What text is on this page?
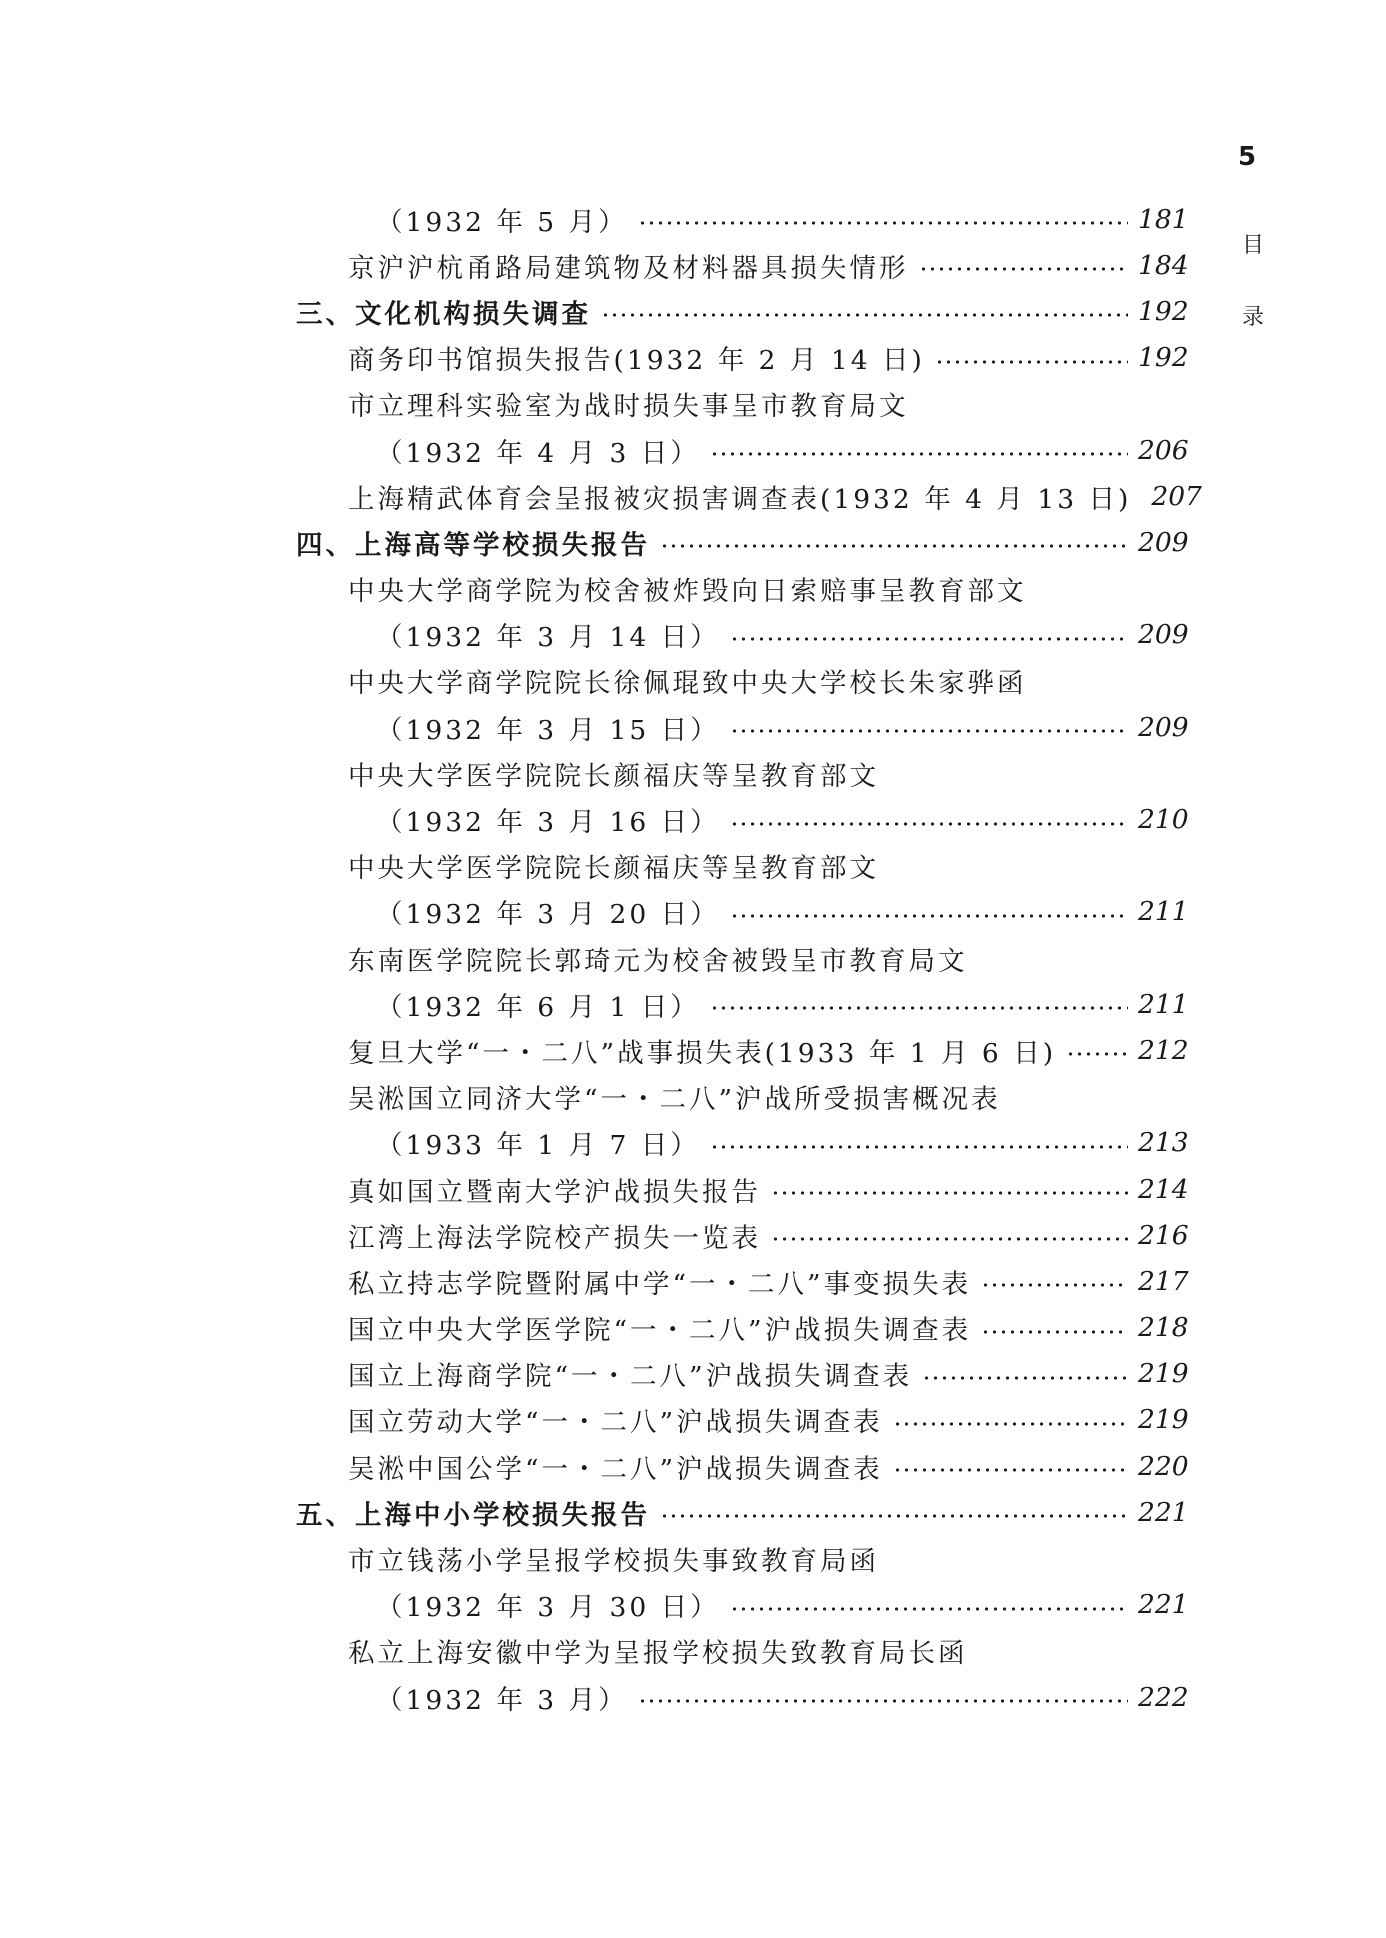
5
目
录
（1932 年 5 月）	181
京沪沪杭甬路局建筑物及材料器具损失情形	184
三、文化机构损失调查	192
商务印书馆损失报告(1932 年 2 月 14 日)	192
市立理科实验室为战时损失事呈市教育局文
（1932 年 4 月 3 日）	206
上海精武体育会呈报被灾损害调查表(1932 年 4 月 13 日) 207
四、上海高等学校损失报告	209
中央大学商学院为校舍被炸毁向日索赔事呈教育部文
（1932 年 3 月 14 日）	209
中央大学商学院院长徐佩琨致中央大学校长朱家骅函
（1932 年 3 月 15 日）	209
中央大学医学院院长颜福庆等呈教育部文
（1932 年 3 月 16 日）	210
中央大学医学院院长颜福庆等呈教育部文
（1932 年 3 月 20 日）	211
东南医学院院长郭琦元为校舍被毁呈市教育局文
（1932 年 6 月 1 日）	211
复旦大学“一・二八”战事损失表(1933 年 1 月 6 日)	212
吴淞国立同济大学“一・二八”沪战所受损害概况表
（1933 年 1 月 7 日）	213
真如国立暨南大学沪战损失报告	214
江湾上海法学院校产损失一览表	216
私立持志学院暨附属中学“一・二八”事变损失表	217
国立中央大学医学院“一・二八”沪战损失调查表	218
国立上海商学院“一・二八”沪战损失调查表	219
国立劳动大学“一・二八”沪战损失调查表	219
吴淞中国公学“一・二八”沪战损失调查表	220
五、上海中小学校损失报告	221
市立钱荡小学呈报学校损失事致教育局函
（1932 年 3 月 30 日）	221
私立上海安徽中学为呈报学校损失致教育局长函
（1932 年 3 月）	222
